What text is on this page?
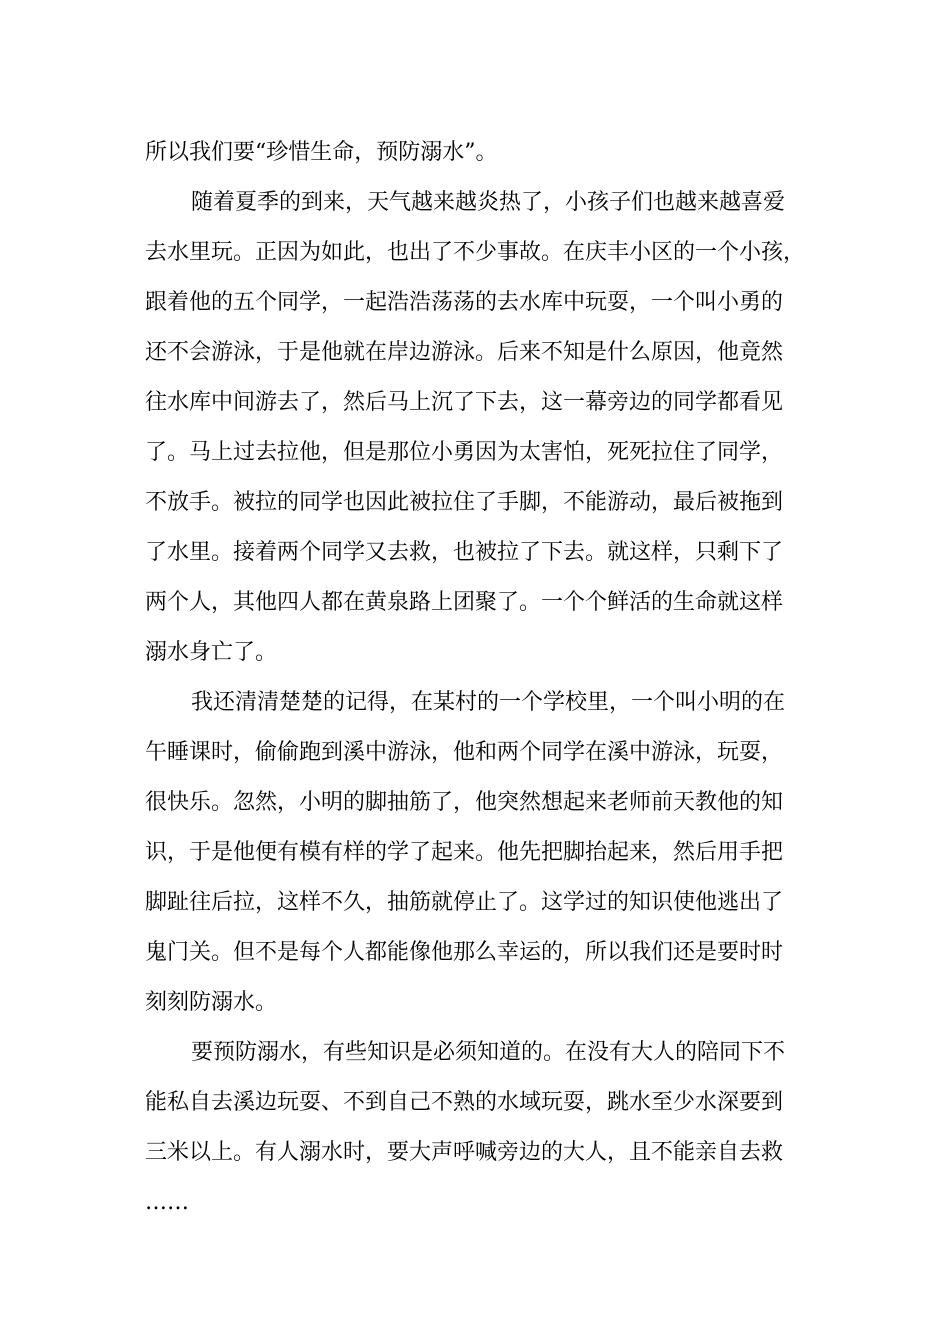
所以我们要“珍惜生命，预防溺水”。
随着夏季的到来，天气越来越炎热了，小孩子们也越来越喜爱
去水里玩。正因为如此，也出了不少事故。在庆丰小区的一个小孩，
跟着他的五个同学，一起浩浩荡荡的去水库中玩耍，一个叫小勇的
还不会游泳，于是他就在岸边游泳。后来不知是什么原因，他竟然
往水库中间游去了，然后马上沉了下去，这一幕旁边的同学都看见
了。马上过去拉他，但是那位小勇因为太害怕，死死拉住了同学，
不放手。被拉的同学也因此被拉住了手脚，不能游动，最后被拖到
了水里。接着两个同学又去救，也被拉了下去。就这样，只剩下了
两个人，其他四人都在黄泉路上团聚了。一个个鲜活的生命就这样
溺水身亡了。
我还清清楚楚的记得，在某村的一个学校里，一个叫小明的在
午睡课时，偷偷跑到溪中游泳，他和两个同学在溪中游泳，玩耍，
很快乐。忽然，小明的脚抽筋了，他突然想起来老师前天教他的知
识，于是他便有模有样的学了起来。他先把脚抬起来，然后用手把
脚趾往后拉，这样不久，抽筋就停止了。这学过的知识使他逃出了
鬼门关。但不是每个人都能像他那么幸运的，所以我们还是要时时
刻刻防溺水。
要预防溺水，有些知识是必须知道的。在没有大人的陪同下不
能私自去溪边玩耍、不到自己不熟的水域玩耍，跳水至少水深要到
三米以上。有人溺水时，要大声呼喊旁边的大人，且不能亲自去救
……
